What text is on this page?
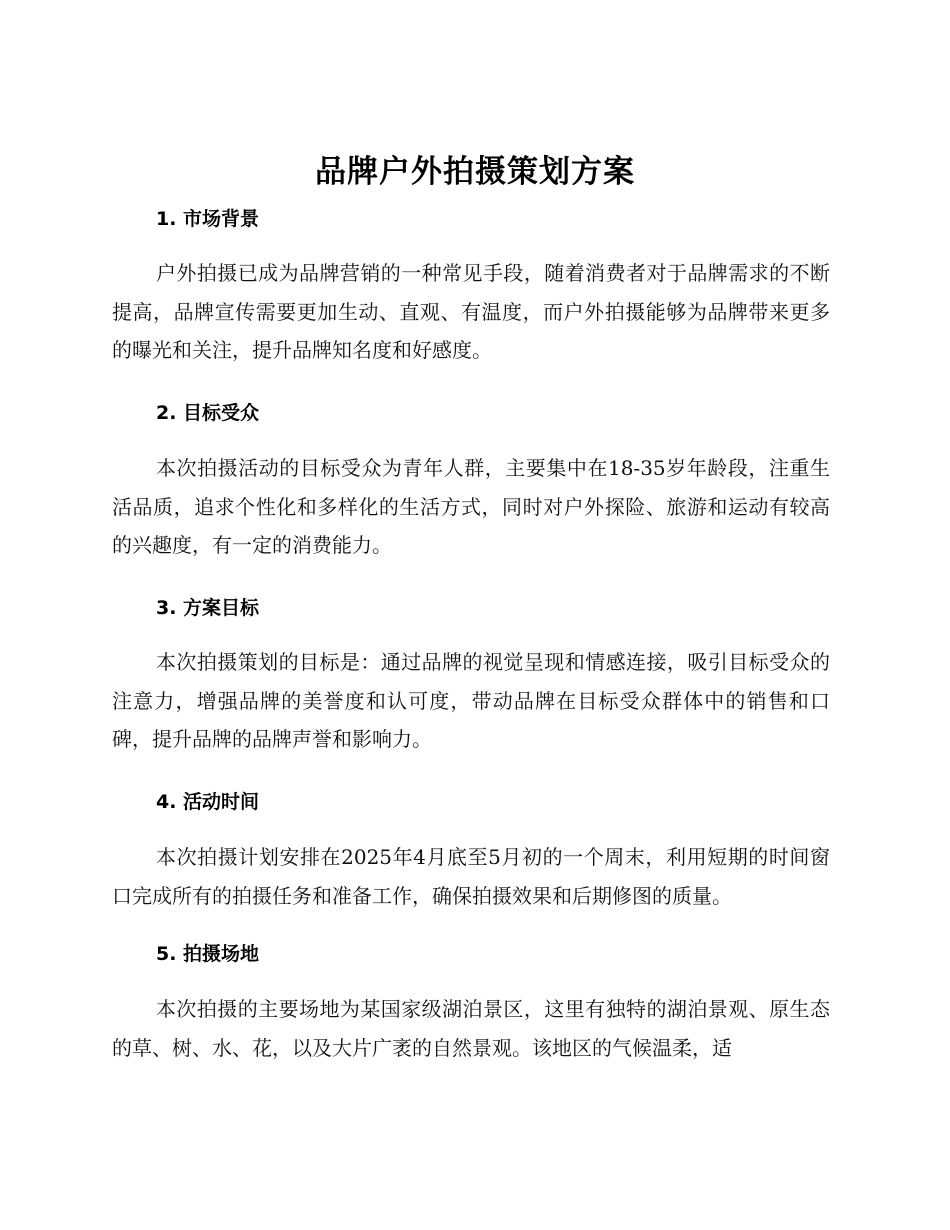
品牌户外拍摄策划方案
1. 市场背景
户外拍摄已成为品牌营销的一种常见手段，随着消费者对于品牌需求的不断提高，品牌宣传需要更加生动、直观、有温度，而户外拍摄能够为品牌带来更多的曝光和关注，提升品牌知名度和好感度。
2. 目标受众
本次拍摄活动的目标受众为青年人群，主要集中在18-35岁年龄段，注重生活品质，追求个性化和多样化的生活方式，同时对户外探险、旅游和运动有较高的兴趣度，有一定的消费能力。
3. 方案目标
本次拍摄策划的目标是：通过品牌的视觉呈现和情感连接，吸引目标受众的注意力，增强品牌的美誉度和认可度，带动品牌在目标受众群体中的销售和口碑，提升品牌的品牌声誉和影响力。
4. 活动时间
本次拍摄计划安排在2025年4月底至5月初的一个周末，利用短期的时间窗口完成所有的拍摄任务和准备工作，确保拍摄效果和后期修图的质量。
5. 拍摄场地
本次拍摄的主要场地为某国家级湖泊景区，这里有独特的湖泊景观、原生态的草、树、水、花，以及大片广袤的自然景观。该地区的气候温柔，适
